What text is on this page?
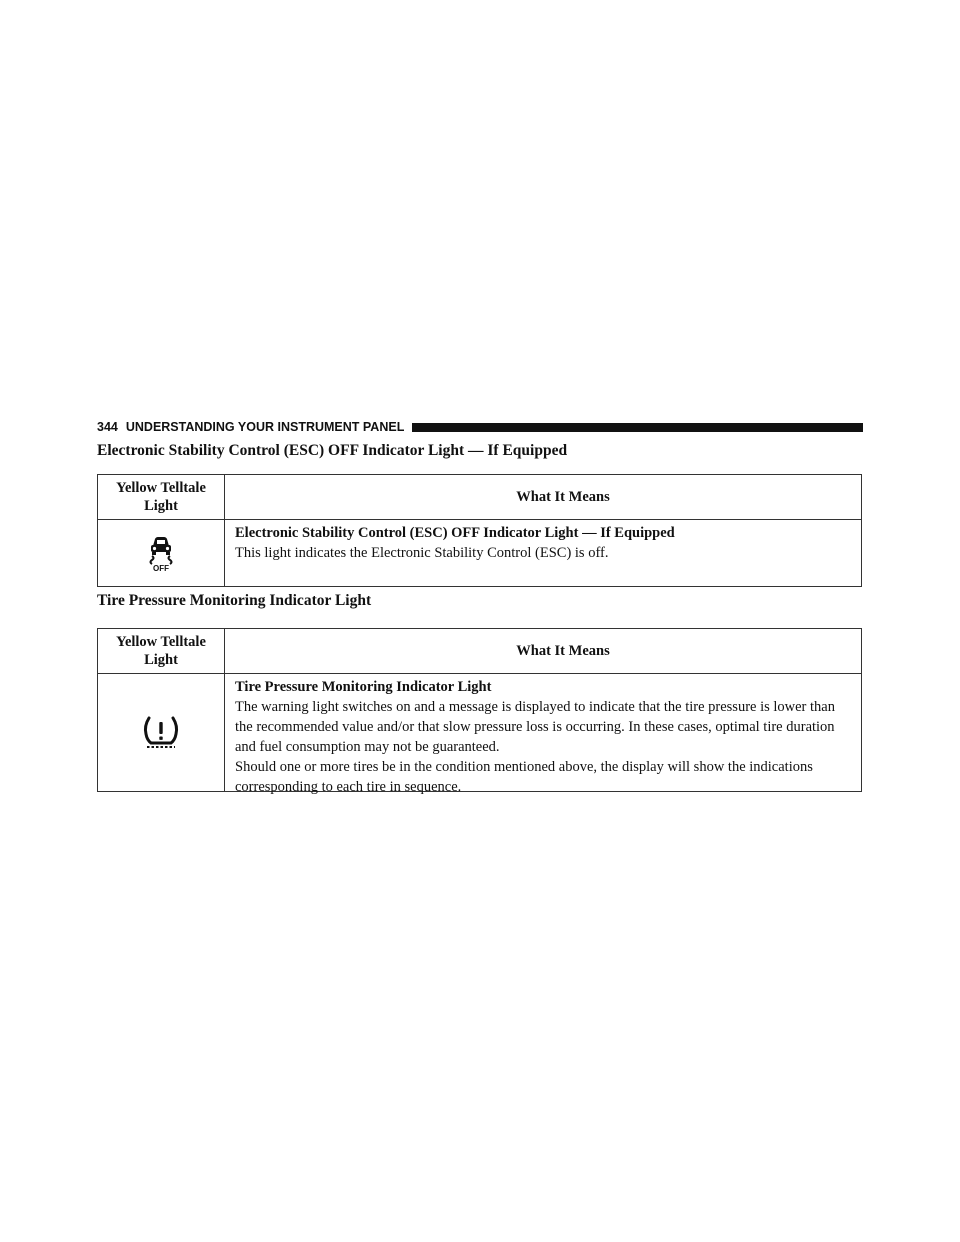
344 UNDERSTANDING YOUR INSTRUMENT PANEL
Electronic Stability Control (ESC) OFF Indicator Light — If Equipped
Yellow Telltale
Light
What It Means
OFF
Electronic Stability Control (ESC) OFF Indicator Light — If Equipped
This light indicates the Electronic Stability Control (ESC) is off.
Tire Pressure Monitoring Indicator Light
Yellow Telltale
Light
What It Means
Tire Pressure Monitoring Indicator Light
The warning light switches on and a message is displayed to indicate that the tire pressure is lower than the recommended value and/or that slow pressure loss is occurring. In these cases, optimal tire duration and fuel consumption may not be guaranteed.
Should one or more tires be in the condition mentioned above, the display will show the indications corresponding to each tire in sequence.
